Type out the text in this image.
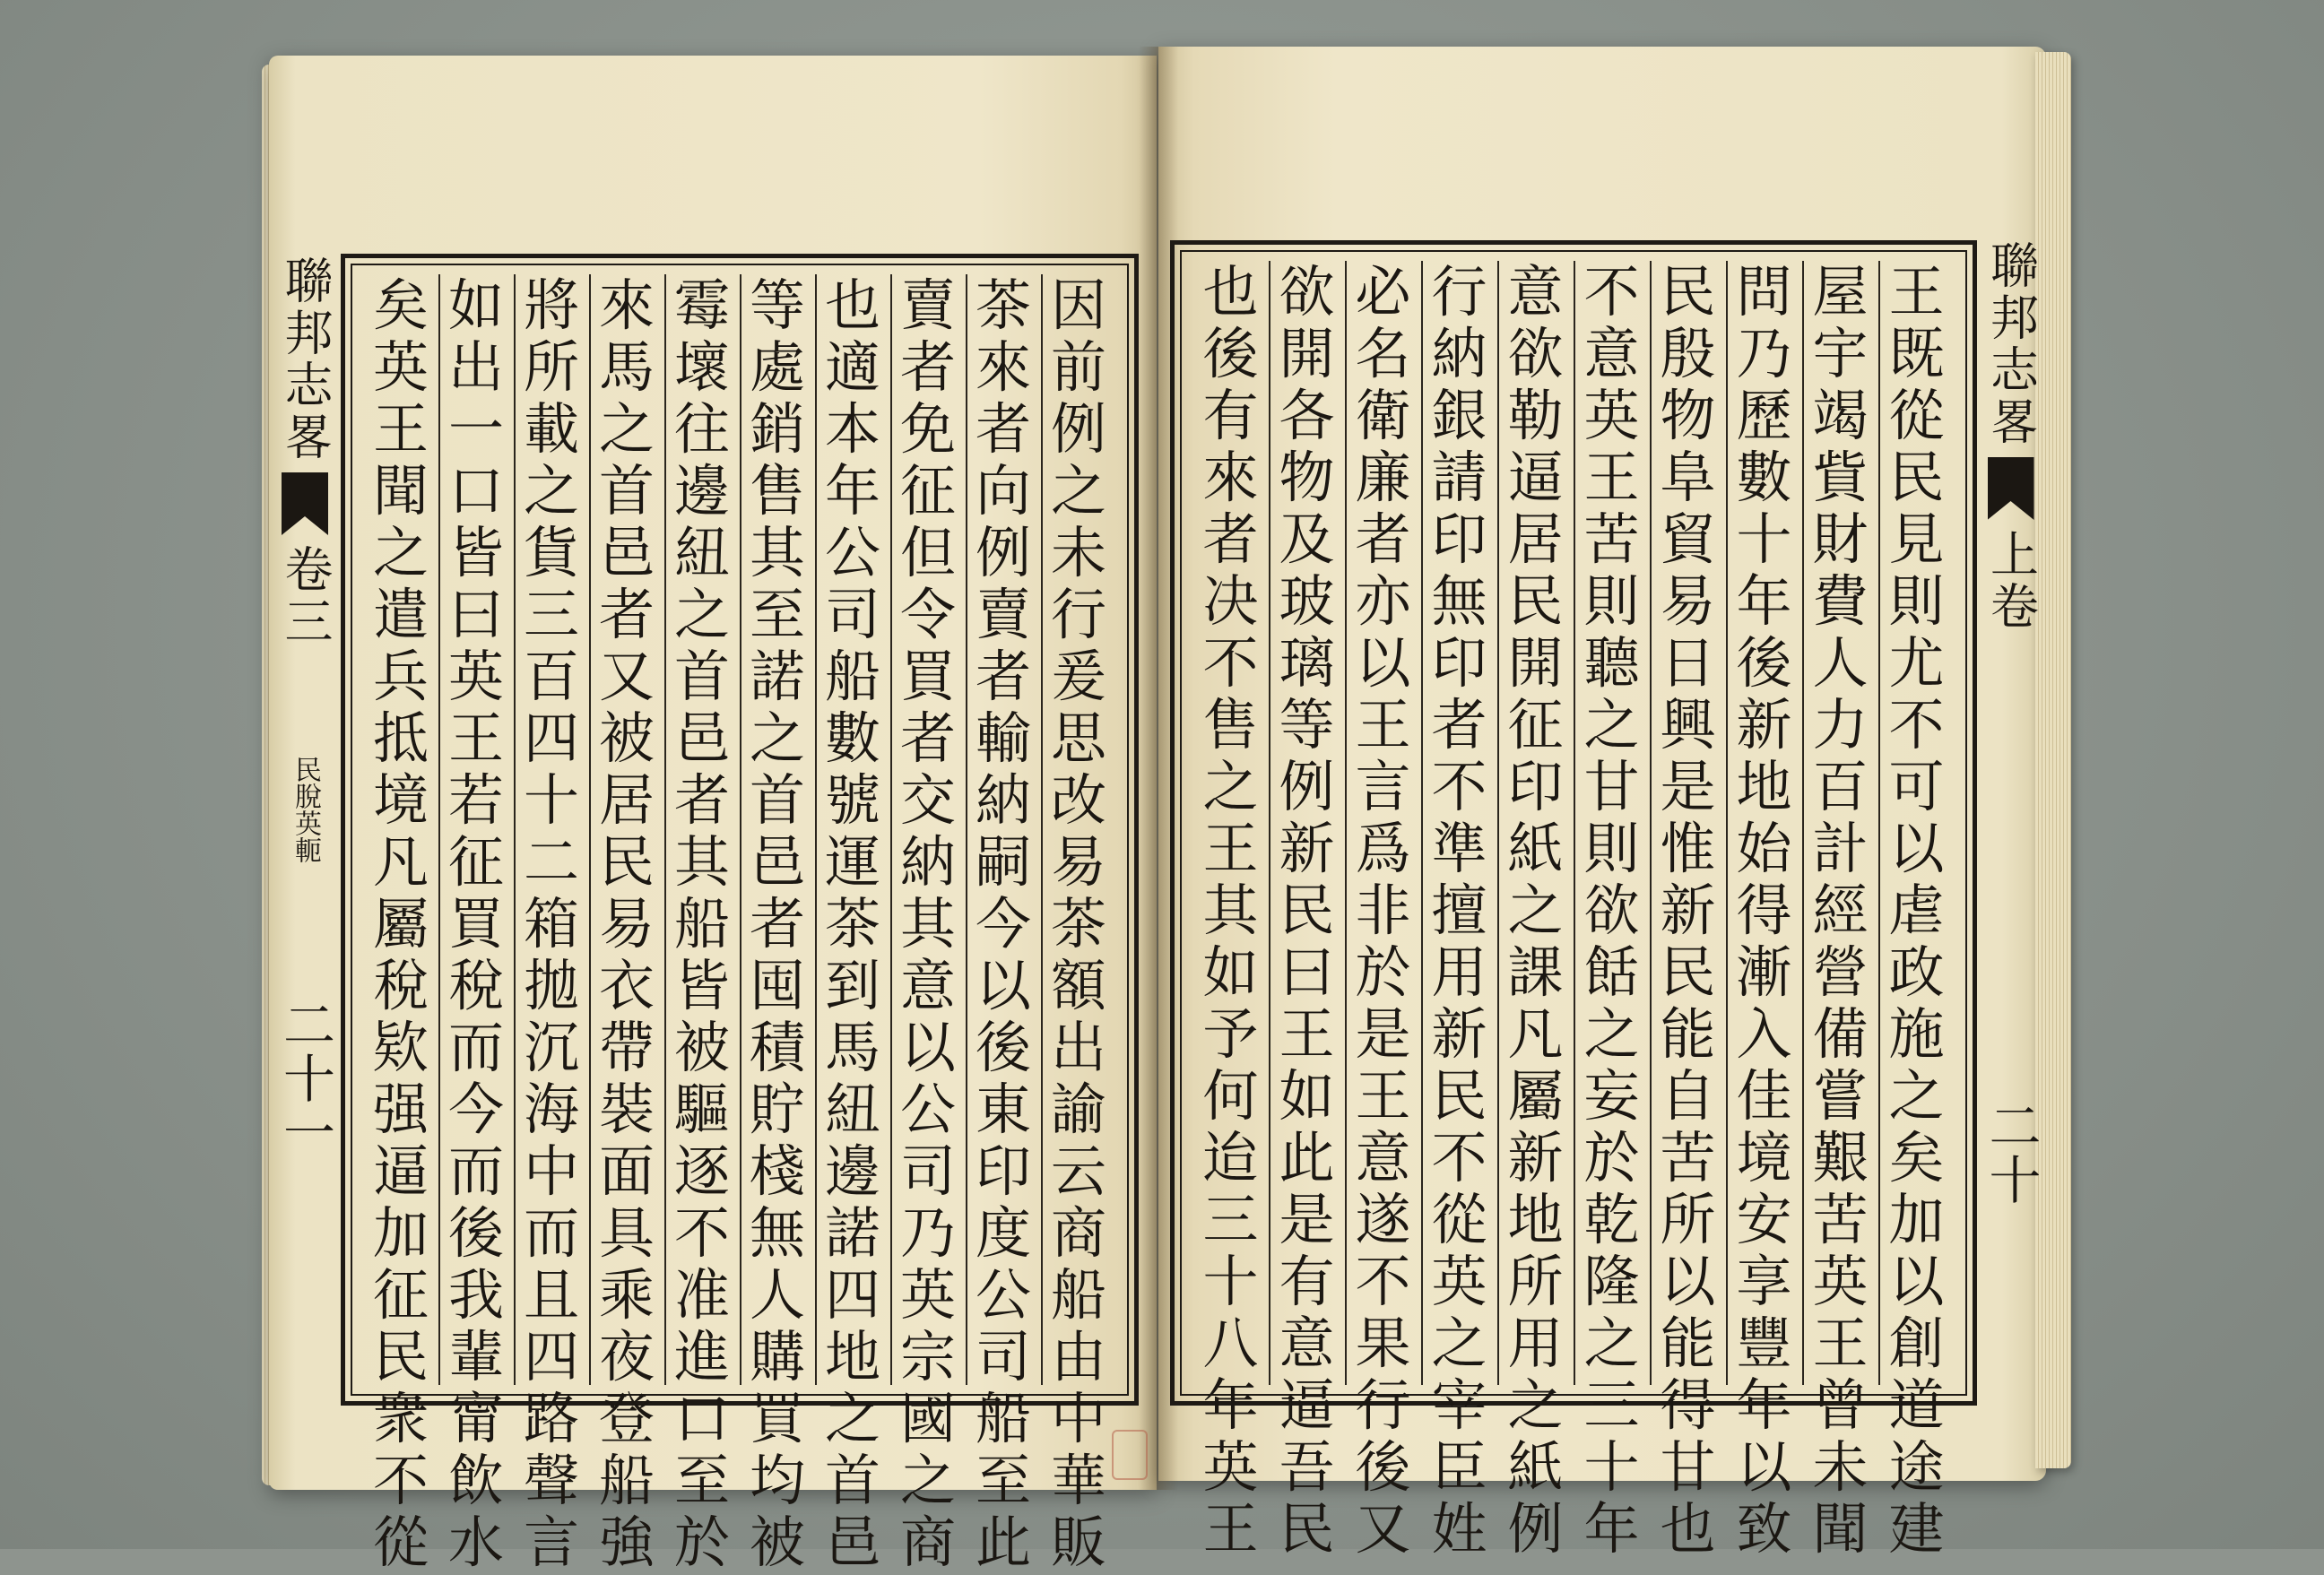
聯邦志畧
卷三
民脫英軛
二十一
因
前
例
之
未
行
爰
思
改
易
茶
額
出
諭
云
商
船
由
中
華
販
茶
來
者
向
例
賣
者
輸
納
嗣
今
以
後
東
印
度
公
司
船
至
此
賣
者
免
征
但
令
買
者
交
納
其
意
以
公
司
乃
英
宗
國
之
商
也
適
本
年
公
司
船
數
號
運
茶
到
馬
紐
邊
諾
四
地
之
首
邑
等
處
銷
售
其
至
諾
之
首
邑
者
囤
積
貯
棧
無
人
購
買
均
被
霉
壞
往
邊
紐
之
首
邑
者
其
船
皆
被
驅
逐
不
准
進
口
至
於
來
馬
之
首
邑
者
又
被
居
民
易
衣
帶
裝
面
具
乘
夜
登
船
強
將
所
載
之
貨
三
百
四
十
二
箱
拋
沉
海
中
而
且
四
路
聲
言
如
出
一
口
皆
曰
英
王
若
征
買
稅
而
今
而
後
我
輩
甯
飲
水
矣
英
王
聞
之
遣
兵
抵
境
凡
屬
稅
欵
强
逼
加
征
民
衆
不
從
王
既
從
民
見
則
尤
不
可
以
虐
政
施
之
矣
加
以
創
道
途
建
屋
宇
竭
貲
財
費
人
力
百
計
經
營
備
嘗
艱
苦
英
王
曾
未
聞
問
乃
歷
數
十
年
後
新
地
始
得
漸
入
佳
境
安
享
豐
年
以
致
民
殷
物
阜
貿
易
日
興
是
惟
新
民
能
自
苦
所
以
能
得
甘
也
不
意
英
王
苦
則
聽
之
甘
則
欲
餂
之
妄
於
乾
隆
之
三
十
年
意
欲
勒
逼
居
民
開
征
印
紙
之
課
凡
屬
新
地
所
用
之
紙
例
行
納
銀
請
印
無
印
者
不
準
擅
用
新
民
不
從
英
之
宰
臣
姓
必
名
衛
廉
者
亦
以
王
言
爲
非
於
是
王
意
遂
不
果
行
後
又
欲
開
各
物
及
玻
璃
等
例
新
民
曰
王
如
此
是
有
意
逼
吾
民
也
後
有
來
者
决
不
售
之
王
其
如
予
何
迨
三
十
八
年
英
王
聯邦志畧
上卷
二十
